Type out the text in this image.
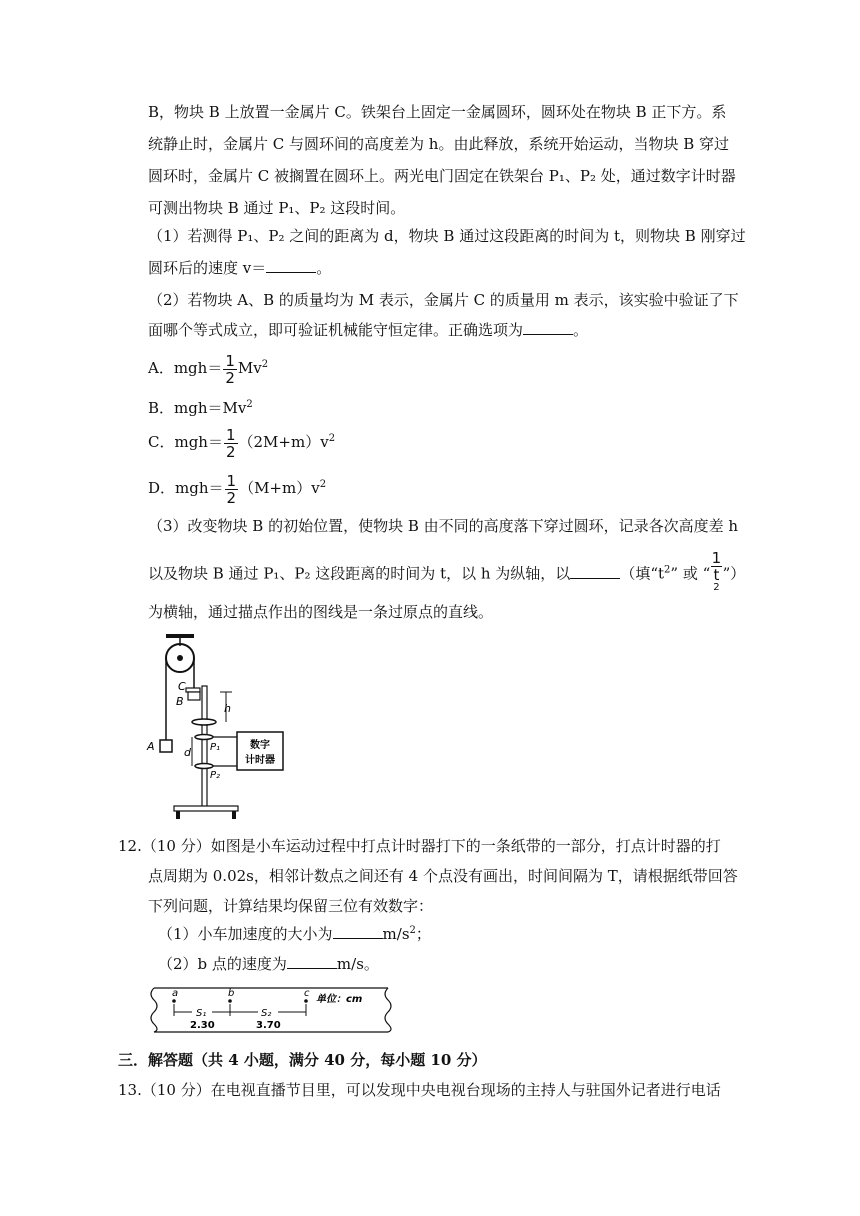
B，物块 B 上放置一金属片 C。铁架台上固定一金属圆环，圆环处在物块 B 正下方。系
统静止时，金属片 C 与圆环间的高度差为 h。由此释放，系统开始运动，当物块 B 穿过
圆环时，金属片 C 被搁置在圆环上。两光电门固定在铁架台 P₁、P₂ 处，通过数字计时器
可测出物块 B 通过 P₁、P₂ 这段时间。
（1）若测得 P₁、P₂ 之间的距离为 d，物块 B 通过这段距离的时间为 t，则物块 B 刚穿过
圆环后的速度 v＝	。
（2）若物块 A、B 的质量均为 M 表示，金属片 C 的质量用 m 表示，该实验中验证了下
面哪个等式成立，即可验证机械能守恒定律。正确选项为	。
A．$mgh= \frac{1}{2} Mv^2$
B．$mgh=Mv^2$
C．$mgh= \frac{1}{2} (2M+m)v^2$
D．$mgh= \frac{1}{2} (M+m)v^2$
（3）改变物块 B 的初始位置，使物块 B 由不同的高度落下穿过圆环，记录各次高度差 h
以及物块 B 通过 P₁、P₂ 这段距离的时间为 t，以 h 为纵轴，以	（填“$t^2$” 或 “ 1
t
$^2$ ”）
为横轴，通过描点作出的图线是一条过原点的直线。
A
C
B
h
P₁
P₂
d
数字
计时器
12.（10 分）如图是小车运动过程中打点计时器打下的一条纸带的一部分，打点计时器的打
点周期为 0.02s，相邻计数点之间还有 4 个点没有画出，时间间隔为 T，请根据纸带回答
下列问题，计算结果均保留三位有效数字：
（1）小车加速度的大小为	$m/s^2$；
（2）b 点的速度为	m/s。
a	b	c
单位：cm
S₁	S₂
2.30	3.70
三．解答题（共 4 小题，满分 40 分，每小题 10 分）
13.（10 分）在电视直播节目里，可以发现中央电视台现场的主持人与驻国外记者进行电话
